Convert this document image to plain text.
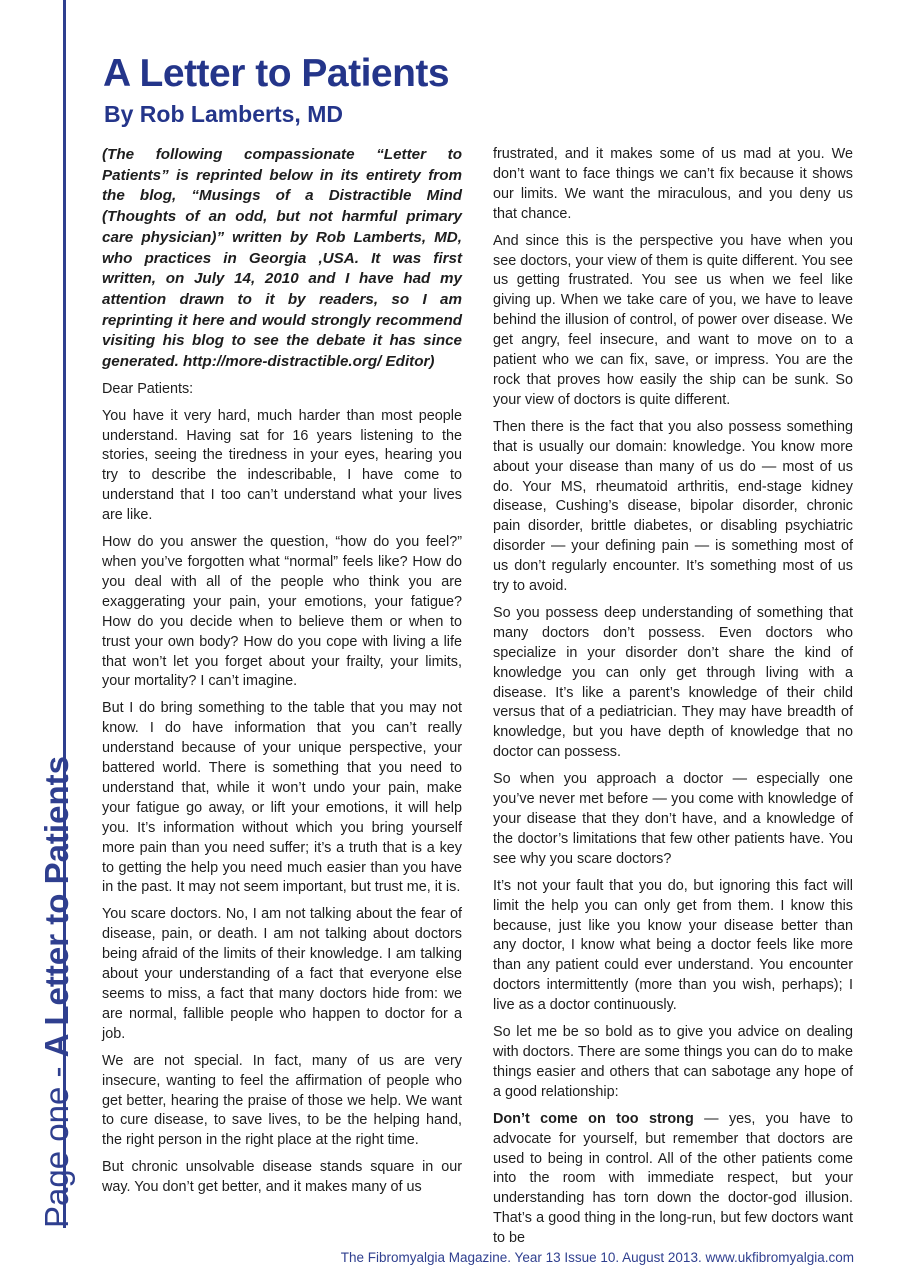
Page one - A Letter to Patients
A Letter to Patients
By Rob Lamberts, MD

(The following compassionate “Letter to Patients” is reprinted below in its entirety from the blog, “Musings of a Distractible Mind (Thoughts of an odd, but not harmful primary care physician)” written by Rob Lamberts, MD, who practices in Georgia ,USA. It was first written, on July 14, 2010 and I have had my attention drawn to it by readers, so I am reprinting it here and would strongly recommend visiting his blog to see the debate it has since generated. http://more-distractible.org/ Editor)

Dear Patients:

You have it very hard, much harder than most people understand. Having sat for 16 years listening to the stories, seeing the tiredness in your eyes, hearing you try to describe the indescribable, I have come to understand that I too can’t understand what your lives are like.

How do you answer the question, “how do you feel?” when you’ve forgotten what “normal” feels like? How do you deal with all of the people who think you are exaggerating your pain, your emotions, your fatigue? How do you decide when to believe them or when to trust your own body? How do you cope with living a life that won’t let you forget about your frailty, your limits, your mortality? I can’t imagine.

But I do bring something to the table that you may not know. I do have information that you can’t really understand because of your unique perspective, your battered world. There is something that you need to understand that, while it won’t undo your pain, make your fatigue go away, or lift your emotions, it will help you. It’s information without which you bring yourself more pain than you need suffer; it’s a truth that is a key to getting the help you need much easier than you have in the past. It may not seem important, but trust me, it is.

You scare doctors. No, I am not talking about the fear of disease, pain, or death. I am not talking about doctors being afraid of the limits of their knowledge. I am talking about your understanding of a fact that everyone else seems to miss, a fact that many doctors hide from: we are normal, fallible people who happen to doctor for a job.

We are not special. In fact, many of us are very insecure, wanting to feel the affirmation of people who get better, hearing the praise of those we help. We want to cure disease, to save lives, to be the helping hand, the right person in the right place at the right time.

But chronic unsolvable disease stands square in our way. You don’t get better, and it makes many of us

frustrated, and it makes some of us mad at you. We don’t want to face things we can’t fix because it shows our limits. We want the miraculous, and you deny us that chance.

And since this is the perspective you have when you see doctors, your view of them is quite different. You see us getting frustrated. You see us when we feel like giving up. When we take care of you, we have to leave behind the illusion of control, of power over disease. We get angry, feel insecure, and want to move on to a patient who we can fix, save, or impress. You are the rock that proves how easily the ship can be sunk. So your view of doctors is quite different.

Then there is the fact that you also possess something that is usually our domain: knowledge. You know more about your disease than many of us do — most of us do. Your MS, rheumatoid arthritis, end-stage kidney disease, Cushing’s disease, bipolar disorder, chronic pain disorder, brittle diabetes, or disabling psychiatric disorder — your defining pain — is something most of us don’t regularly encounter. It’s something most of us try to avoid.

So you possess deep understanding of something that many doctors don’t possess. Even doctors who specialize in your disorder don’t share the kind of knowledge you can only get through living with a disease. It’s like a parent’s knowledge of their child versus that of a pediatrician. They may have breadth of knowledge, but you have depth of knowledge that no doctor can possess.

So when you approach a doctor — especially one you’ve never met before — you come with knowledge of your disease that they don’t have, and a knowledge of the doctor’s limitations that few other patients have. You see why you scare doctors?

It’s not your fault that you do, but ignoring this fact will limit the help you can only get from them. I know this because, just like you know your disease better than any doctor, I know what being a doctor feels like more than any patient could ever understand. You encounter doctors intermittently (more than you wish, perhaps); I live as a doctor continuously.

So let me be so bold as to give you advice on dealing with doctors. There are some things you can do to make things easier and others that can sabotage any hope of a good relationship:

Don’t come on too strong — yes, you have to advocate for yourself, but remember that doctors are used to being in control. All of the other patients come into the room with immediate respect, but your understanding has torn down the doctor-god illusion. That’s a good thing in the long-run, but few doctors want to be

The Fibromyalgia Magazine. Year 13 Issue 10. August 2013. www.ukfibromyalgia.com
